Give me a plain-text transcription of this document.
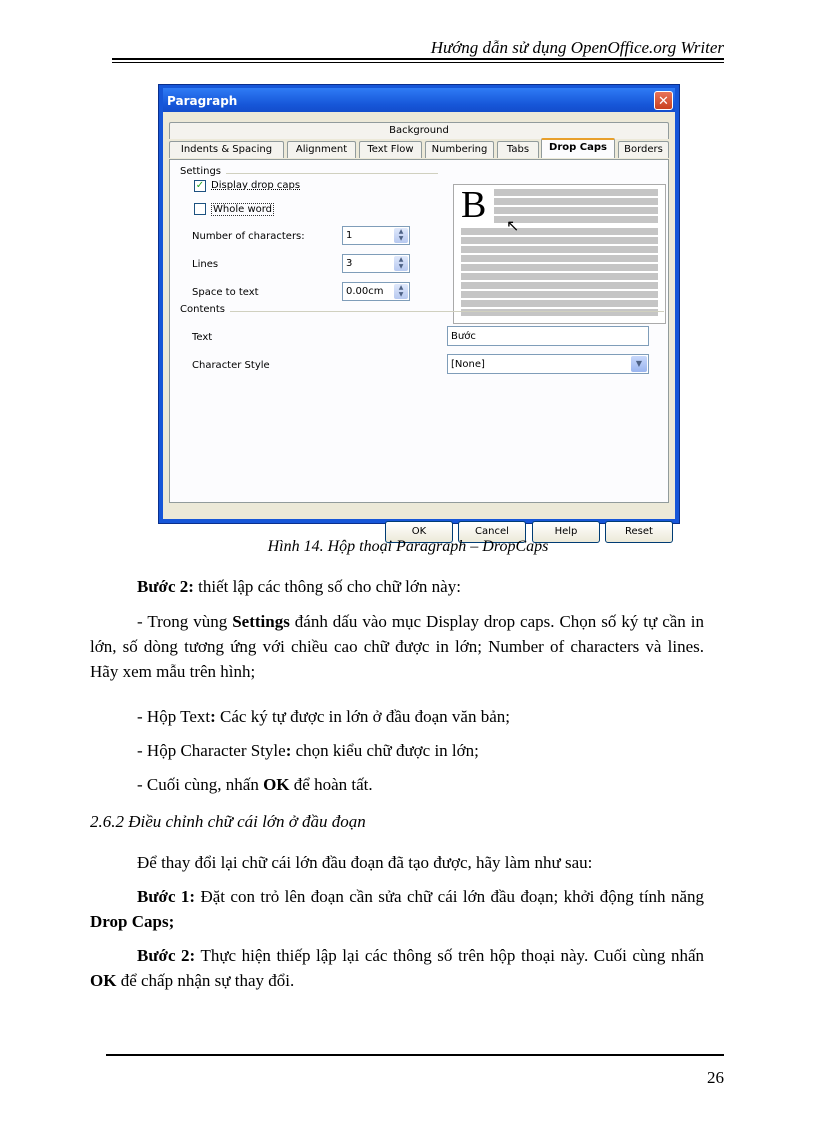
Hướng dẫn sử dụng OpenOffice.org Writer
Paragraph	✕
Background
Indents & Spacing	Alignment	Text Flow	Numbering	Tabs	Drop Caps	Borders
Settings
✓ Display drop caps
Whole word
Number of characters:	1	▲
▼
Lines	3	▲
▼
Space to text	0.00cm	▲
▼
B ↖
Contents
Text	Bước
Character Style	[None]	▼
OK	Cancel	Help	Reset
Hình 14. Hộp thoại Paragraph – DropCaps
Bước 2: thiết lập các thông số cho chữ lớn này:
- Trong vùng Settings đánh dấu vào mục Display drop caps. Chọn số ký tự cần in lớn, số dòng tương ứng với chiều cao chữ được in lớn; Number of characters và lines. Hãy xem mẫu trên hình;
- Hộp Text: Các ký tự được in lớn ở đầu đoạn văn bản;
- Hộp Character Style: chọn kiểu chữ được in lớn;
- Cuối cùng, nhấn OK để hoàn tất.
2.6.2 Điều chỉnh chữ cái lớn ở đầu đoạn
Để thay đổi lại chữ cái lớn đầu đoạn đã tạo được, hãy làm như sau:
Bước 1: Đặt con trỏ lên đoạn cần sửa chữ cái lớn đầu đoạn; khởi động tính năng Drop Caps;
Bước 2: Thực hiện thiếp lập lại các thông số trên hộp thoại này. Cuối cùng nhấn OK để chấp nhận sự thay đổi.
26
